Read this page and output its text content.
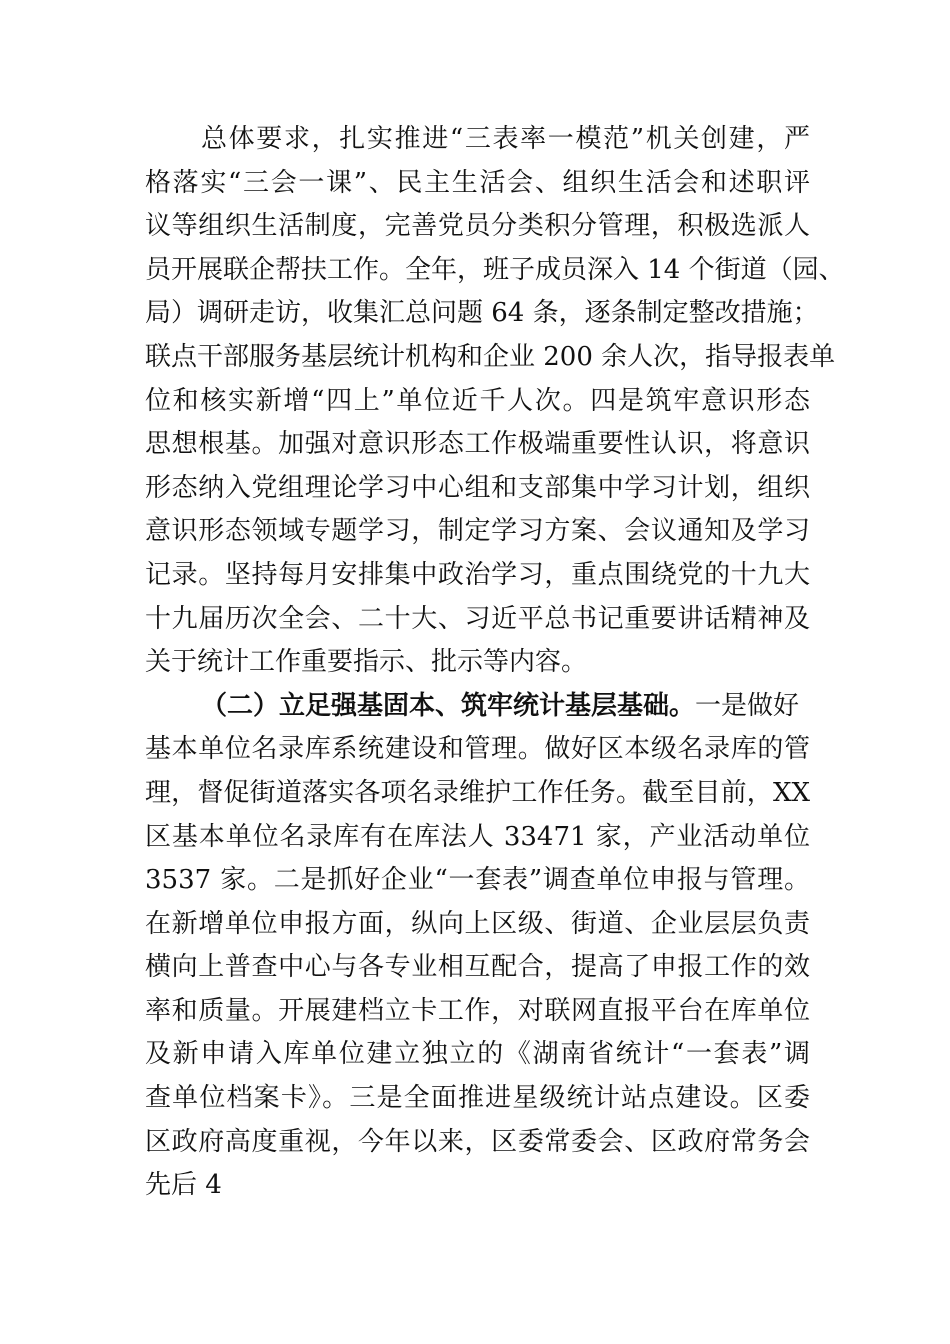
总体要求，扎实推进“三表率一模范”机关创建，严
格落实“三会一课”、民主生活会、组织生活会和述职评
议等组织生活制度，完善党员分类积分管理，积极选派人
员开展联企帮扶工作。全年，班子成员深入 14 个街道（园、
局）调研走访，收集汇总问题 64 条，逐条制定整改措施；
联点干部服务基层统计机构和企业 200 余人次，指导报表单
位和核实新增“四上”单位近千人次。四是筑牢意识形态
思想根基。加强对意识形态工作极端重要性认识，将意识
形态纳入党组理论学习中心组和支部集中学习计划，组织
意识形态领域专题学习，制定学习方案、会议通知及学习
记录。坚持每月安排集中政治学习，重点围绕党的十九大
十九届历次全会、二十大、习近平总书记重要讲话精神及
关于统计工作重要指示、批示等内容。
（二）立足强基固本、筑牢统计基层基础。一是做好
基本单位名录库系统建设和管理。做好区本级名录库的管
理，督促街道落实各项名录维护工作任务。截至目前，XX
区基本单位名录库有在库法人 33471 家，产业活动单位
3537 家。二是抓好企业“一套表”调查单位申报与管理。
在新增单位申报方面，纵向上区级、街道、企业层层负责
横向上普查中心与各专业相互配合，提高了申报工作的效
率和质量。开展建档立卡工作，对联网直报平台在库单位
及新申请入库单位建立独立的《湖南省统计“一套表”调
查单位档案卡》。三是全面推进星级统计站点建设。区委
区政府高度重视，今年以来，区委常委会、区政府常务会
先后 4
